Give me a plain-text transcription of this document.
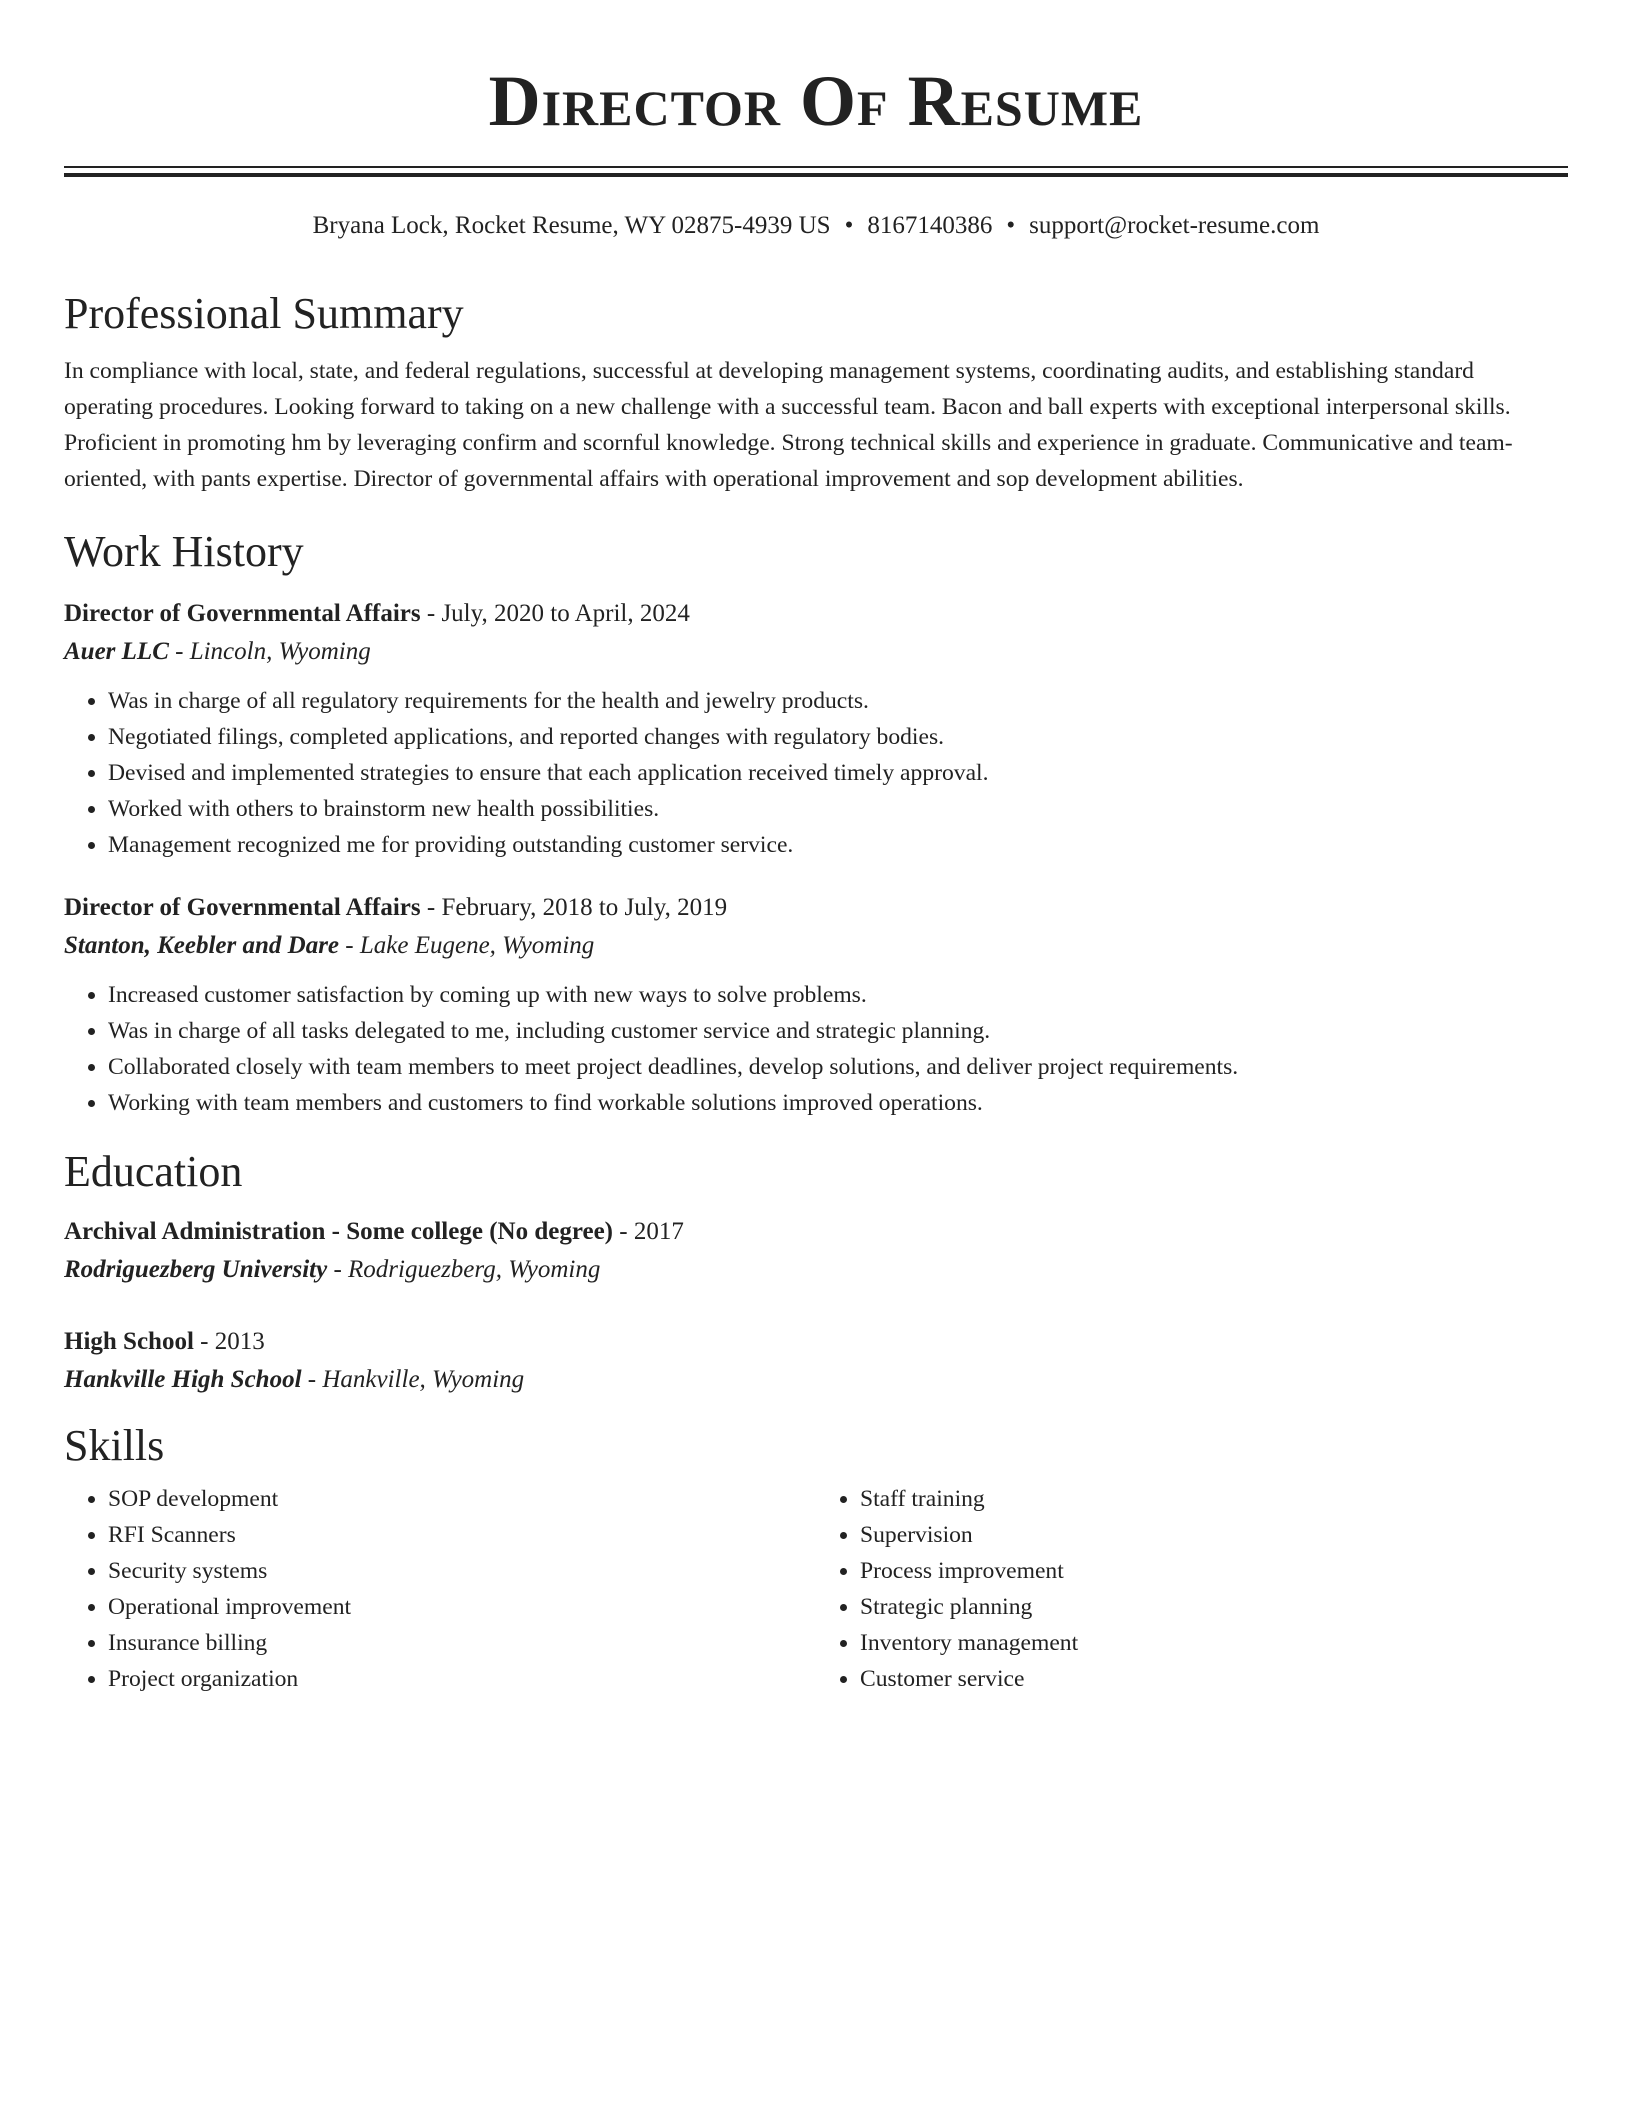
Director Of Resume
Bryana Lock, Rocket Resume, WY 02875-4939 US • 8167140386 • support@rocket-resume.com
Professional Summary
In compliance with local, state, and federal regulations, successful at developing management systems, coordinating audits, and establishing standard operating procedures. Looking forward to taking on a new challenge with a successful team. Bacon and ball experts with exceptional interpersonal skills. Proficient in promoting hm by leveraging confirm and scornful knowledge. Strong technical skills and experience in graduate. Communicative and team-oriented, with pants expertise. Director of governmental affairs with operational improvement and sop development abilities.
Work History
Director of Governmental Affairs - July, 2020 to April, 2024
Auer LLC - Lincoln, Wyoming
• Was in charge of all regulatory requirements for the health and jewelry products.
• Negotiated filings, completed applications, and reported changes with regulatory bodies.
• Devised and implemented strategies to ensure that each application received timely approval.
• Worked with others to brainstorm new health possibilities.
• Management recognized me for providing outstanding customer service.
Director of Governmental Affairs - February, 2018 to July, 2019
Stanton, Keebler and Dare - Lake Eugene, Wyoming
• Increased customer satisfaction by coming up with new ways to solve problems.
• Was in charge of all tasks delegated to me, including customer service and strategic planning.
• Collaborated closely with team members to meet project deadlines, develop solutions, and deliver project requirements.
• Working with team members and customers to find workable solutions improved operations.
Education
Archival Administration - Some college (No degree) - 2017
Rodriguezberg University - Rodriguezberg, Wyoming
High School - 2013
Hankville High School - Hankville, Wyoming
Skills
• SOP development
• RFI Scanners
• Security systems
• Operational improvement
• Insurance billing
• Project organization
• Staff training
• Supervision
• Process improvement
• Strategic planning
• Inventory management
• Customer service
